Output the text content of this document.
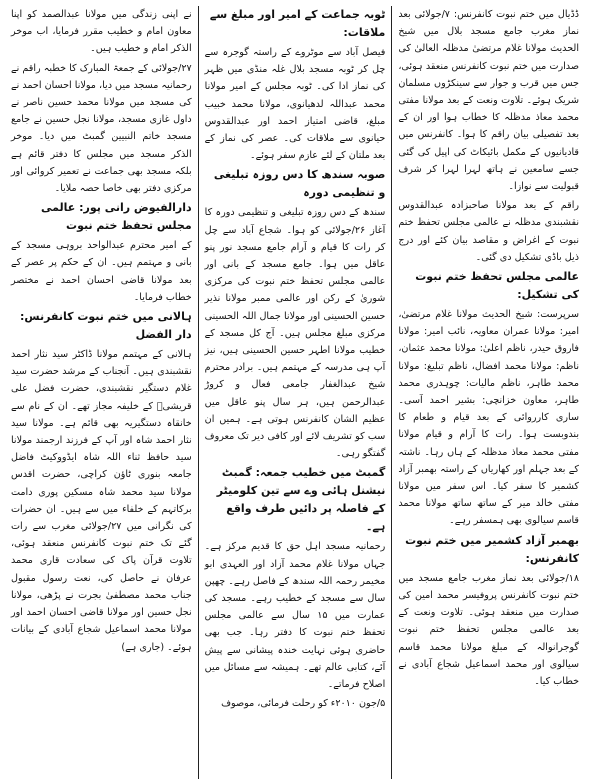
ڈڈیال میں ختم نبوت کانفرنس: ۷/جولائی بعد نماز مغرب جامع مسجد بلال میں شیخ الحدیث مولانا غلام مرتضیٰ مدظلہ العالیٰ کی صدارت میں ختم نبوت کانفرنس منعقد ہوئی، جس میں قرب و جوار سے سینکڑوں مسلمان شریک ہوئے۔ تلاوت ونعت کے بعد مولانا مفتی محمد معاذ مدظلہ کا خطاب ہوا اور ان کے بعد تفصیلی بیان راقم کا ہوا۔ کانفرنس میں قادیانیوں کے مکمل بائیکاٹ کی اپیل کی گئی جسے سامعین نے ہاتھ لہرا لہرا کر شرف قبولیت سے نوازا۔

راقم کے بعد مولانا صاحبزادہ عبدالقدوس نقشبندی مدظلہ نے عالمی مجلس تحفظ ختم نبوت کے اغراض و مقاصد بیان کئے اور درج ذیل باڈی تشکیل دی گئی۔

عالمی مجلس تحفظ ختم نبوت کی تشکیل:

سرپرست: شیخ الحدیث مولانا غلام مرتضیٰ، امیر: مولانا عمران معاویہ، نائب امیر: مولانا فاروق حیدر، ناظم اعلیٰ: مولانا محمد عثمان، ناظم: مولانا محمد افضال، ناظم تبلیغ: مولانا محمد طاہر، ناظم مالیات: چوہدری محمد طاہر، معاون خزانچی: بشیر احمد آسی۔ ساری کارروائی کے بعد قیام و طعام کا بندوبست ہوا۔ رات کا آرام و قیام مولانا مفتی محمد معاذ مدظلہ کے ہاں رہا۔ ناشتہ کے بعد جہلم اور کھاریاں کے راستہ بھمبر آزاد کشمیر کا سفر کیا۔ اس سفر میں مولانا مفتی خالد میر کے ساتھ ساتھ مولانا محمد قاسم سیالوی بھی ہمسفر رہے۔

بھمبر آزاد کشمیر میں ختم نبوت کانفرنس:

۱۸/جولائی بعد نماز مغرب جامع مسجد میں ختم نبوت کانفرنس پروفیسر محمد امین کی صدارت میں منعقد ہوئی۔ تلاوت ونعت کے بعد عالمی مجلس تحفظ ختم نبوت گوجرانوالہ کے مبلغ مولانا محمد قاسم سیالوی اور محمد اسماعیل شجاع آبادی نے خطاب کیا۔

ٹوبہ جماعت کے امیر اور مبلغ سے ملاقات:

فیصل آباد سے موٹروے کے راستہ گوجرہ سے چل کر ٹوبہ مسجد بلال غلہ منڈی میں ظہر کی نماز ادا کی۔ ٹوبہ مجلس کے امیر مولانا محمد عبداللہ لدھیانوی، مولانا محمد خبیب مبلغ، قاضی امتیاز احمد اور عبدالقدوس حیانوی سے ملاقات کی۔ عصر کی نماز کے بعد ملتان کے لئے عازم سفر ہوئے۔

صوبہ سندھ کا دس روزہ تبلیغی و تنظیمی دورہ

سندھ کے دس روزہ تبلیغی و تنظیمی دورہ کا آغاز ۲۶/جولائی کو ہوا۔ شجاع آباد سے چل کر رات کا قیام و آرام جامع مسجد نور پنو عاقل میں ہوا۔ جامع مسجد کے بانی اور عالمی مجلس تحفظ ختم نبوت کی مرکزی شوریٰ کے رکن اور عالمی ممبر مولانا نذیر حسین الحسینی اور مولانا جمال اللہ الحسینی مرکزی مبلغ مجلس ہیں۔ آج کل مسجد کے خطیب مولانا اطہر حسین الحسینی ہیں، نیز آپ ہی مدرسہ کے مہتمم ہیں۔ برادر محترم شیخ عبدالغفار جامعی فعال و کروڑ عبدالرحمن ہیں، ہر سال پنو عاقل میں عظیم الشان کانفرنس ہوتی ہے۔ ہمیں ان سب کو تشریف لائے اور کافی دیر تک معروف گفتگو رہی۔

گمبٹ میں خطیب جمعہ: گمبٹ نیشنل ہائی وے سے تین کلومیٹر کے فاصلہ پر دائیں طرف واقع ہے۔

رحمانیہ مسجد اہل حق کا قدیم مرکز ہے۔ جہاں مولانا غلام محمد آزاد اور العہدی ابو مخیمر رحمہ اللہ سندھ کے فاصل رہے۔ چھپن سال سے مسجد کے خطیب رہے۔ مسجد کی عمارت میں ۱۵ سال سے عالمی مجلس تحفظ ختم نبوت کا دفتر رہا۔ جب بھی حاضری ہوئی نہایت خندہ پیشانی سے پیش آئے، کتابی عالم تھے۔ ہمیشہ سے مسائل میں اصلاح فرماتے۔

۵/جون ۲۰۱۰ء کو رحلت فرمائی، موصوف

نے اپنی زندگی میں مولانا عبدالصمد کو اپنا معاون امام و خطیب مقرر فرمایا، اب موخر الذکر امام و خطیب ہیں۔

۲۷/جولائی کے جمعۃ المبارک کا خطبہ راقم نے رحمانیہ مسجد میں دیا، مولانا احسان احمد نے کی مسجد میں مولانا محمد حسین ناصر نے داول غازی مسجد، مولانا نجل حسین نے جامع مسجد خاتم النبیین گمبٹ میں دیا۔ موخر الذکر مسجد میں مجلس کا دفتر قائم ہے بلکہ مسجد بھی جماعت نے تعمیر کروائی اور مرکزی دفتر بھی خاصا حصہ ملایا۔

دارالفیوض رانی پور: عالمی مجلس تحفظ ختم نبوت

کے امیر محترم عبدالواحد بروہی مسجد کے بانی و مہتمم ہیں۔ ان کے حکم پر عصر کے بعد مولانا قاضی احسان احمد نے مختصر خطاب فرمایا۔

ہالانی میں ختم نبوت کانفرنس: دار الفضل

ہالانی کے مہتمم مولانا ڈاکٹر سید نثار احمد نقشبندی ہیں۔ آنجناب کے مرشد حضرت سید غلام دستگیر نقشبندی، حضرت فضل علی قریشیؒ کے خلیفہ مجاز تھے۔ ان کے نام سے خانقاہ دستگیریہ بھی قائم ہے۔ مولانا سید نثار احمد شاہ اور آپ کے فرزند ارجمند مولانا سید حافظ ثناء اللہ شاہ ایڈووکیٹ فاضل جامعہ بنوری ٹاؤن کراچی، حضرت اقدس مولانا سید محمد شاہ مسکین پوری دامت برکاتہم کے خلفاء میں سے ہیں۔ ان حضرات کی نگرانی میں ۲۷/جولائی مغرب سے رات گئے تک ختم نبوت کانفرنس منعقد ہوئی، تلاوت قرآن پاک کی سعادت قاری محمد عرفان نے حاصل کی، نعت رسول مقبول جناب محمد مصطفیٰ بجرت نے پڑھی، مولانا نجل حسین اور مولانا قاضی احسان احمد اور مولانا محمد اسماعیل شجاع آبادی کے بیانات ہوئے۔ (جاری ہے)
